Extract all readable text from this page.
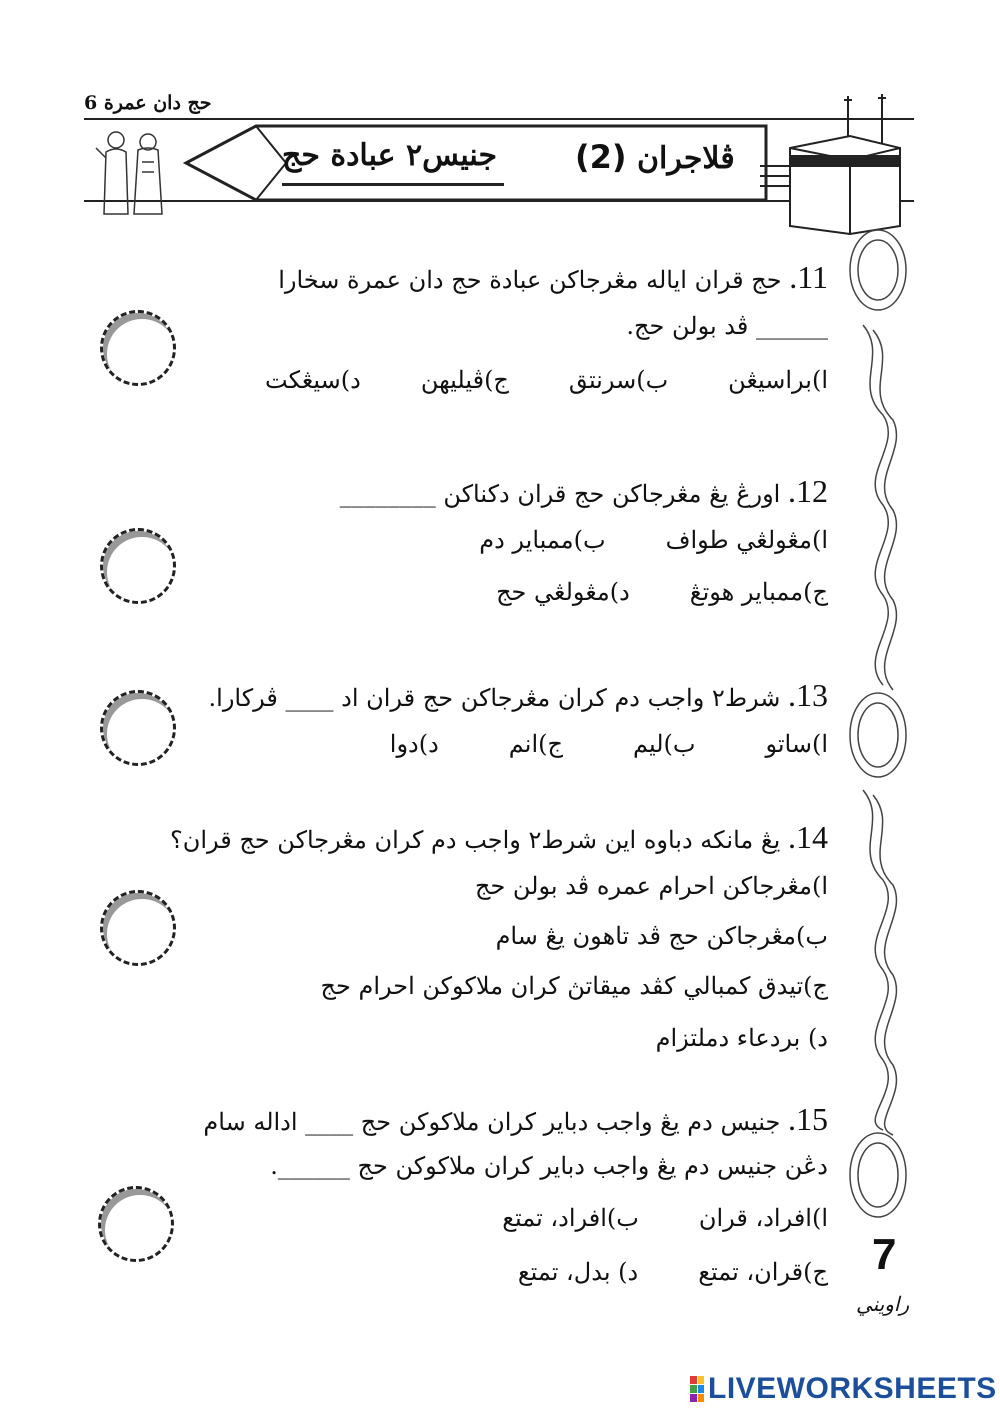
حج دان عمرة 6
جنيس٢ عبادة حج	ڤلاجران (2)
11. حج قران اياله مڠرجاکن عبادة حج دان عمرة سخارا
______ ڤد بولن حج.
ا)براسيڠن
ب)سرنتق
ج)ڤيليهن
د)سيڠکت
12. اورڠ يڠ مڠرجاکن حج قران دکناکن ________
ا)مڠولڠي طواف
ب)ممباير دم
ج)ممباير هوتڠ
د)مڠولڠي حج
13. شرط٢ واجب دم کران مڠرجاکن حج قران اد ____ ڤرکارا.
ا)ساتو
ب)ليم
ج)انم
د)دوا
14. يڠ مانکه دباوه اين شرط٢ واجب دم کران مڠرجاکن حج قران؟
ا)مڠرجاکن احرام عمره ڤد بولن حج
ب)مڠرجاکن حج ڤد تاهون يڠ سام
ج)تيدق کمبالي کڤد ميقاتڽ کران ملاکوکن احرام حج
د) بردعاء دملتزام
15. جنيس دم يڠ واجب دباير کران ملاکوکن حج ____ اداله سام
دڠن جنيس دم يڠ واجب دباير کران ملاکوکن حج ______.
ا)افراد، قران
ب)افراد، تمتع
ج)قران، تمتع
د) بدل، تمتع	7
راويني
LIVEWORKSHEETS
